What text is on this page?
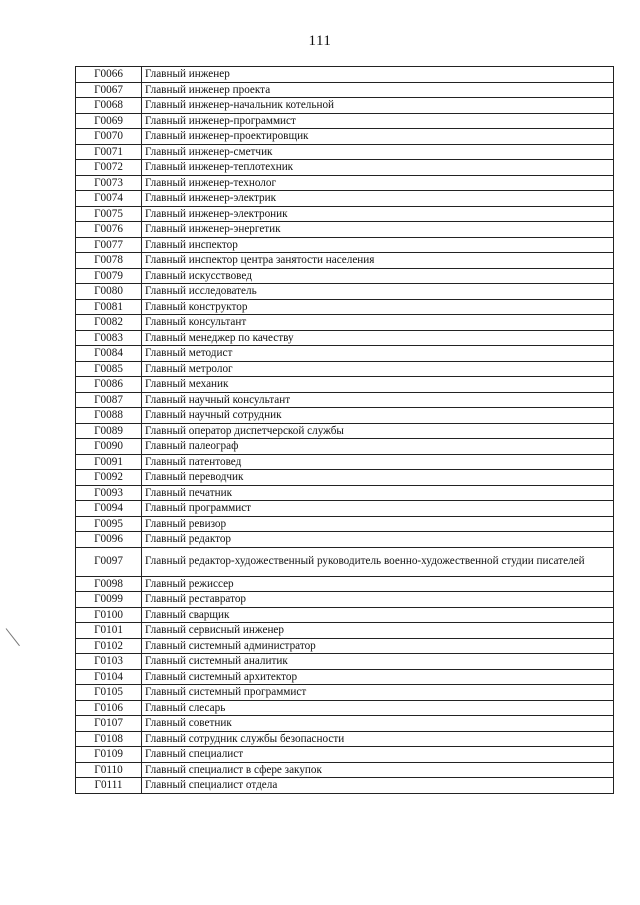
111
Г0066	Главный инженер
Г0067	Главный инженер проекта
Г0068	Главный инженер-начальник котельной
Г0069	Главный инженер-программист
Г0070	Главный инженер-проектировщик
Г0071	Главный инженер-сметчик
Г0072	Главный инженер-теплотехник
Г0073	Главный инженер-технолог
Г0074	Главный инженер-электрик
Г0075	Главный инженер-электроник
Г0076	Главный инженер-энергетик
Г0077	Главный инспектор
Г0078	Главный инспектор центра занятости населения
Г0079	Главный искусствовед
Г0080	Главный исследователь
Г0081	Главный конструктор
Г0082	Главный консультант
Г0083	Главный менеджер по качеству
Г0084	Главный методист
Г0085	Главный метролог
Г0086	Главный механик
Г0087	Главный научный консультант
Г0088	Главный научный сотрудник
Г0089	Главный оператор диспетчерской службы
Г0090	Главный палеограф
Г0091	Главный патентовед
Г0092	Главный переводчик
Г0093	Главный печатник
Г0094	Главный программист
Г0095	Главный ревизор
Г0096	Главный редактор
Г0097	Главный редактор-художественный руководитель военно-художественной студии писателей
Г0098	Главный режиссер
Г0099	Главный реставратор
Г0100	Главный сварщик
Г0101	Главный сервисный инженер
Г0102	Главный системный администратор
Г0103	Главный системный аналитик
Г0104	Главный системный архитектор
Г0105	Главный системный программист
Г0106	Главный слесарь
Г0107	Главный советник
Г0108	Главный сотрудник службы безопасности
Г0109	Главный специалист
Г0110	Главный специалист в сфере закупок
Г0111	Главный специалист отдела
